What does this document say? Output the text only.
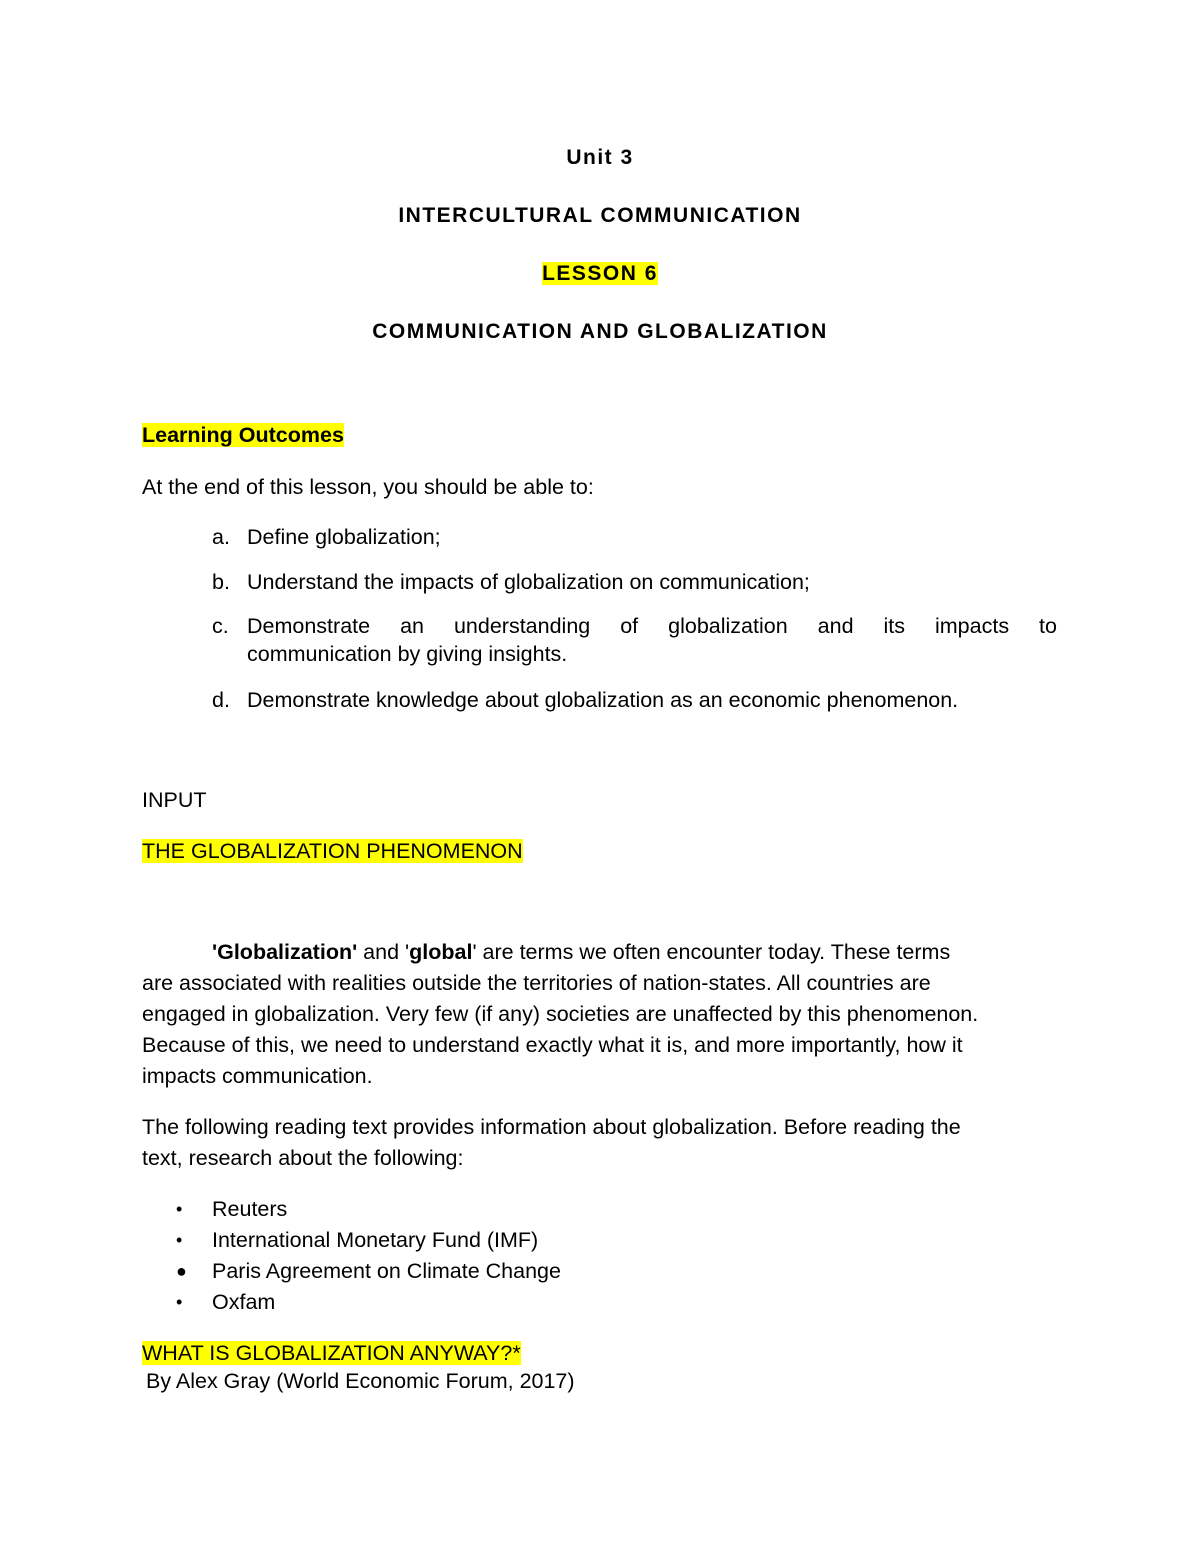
Unit 3
INTERCULTURAL COMMUNICATION
LESSON 6
COMMUNICATION AND GLOBALIZATION
Learning Outcomes
At the end of this lesson, you should be able to:
a. Define globalization;
b. Understand the impacts of globalization on communication;
c. Demonstrate an understanding of globalization and its impacts to
communication by giving insights.
d. Demonstrate knowledge about globalization as an economic phenomenon.
INPUT
THE GLOBALIZATION PHENOMENON
'Globalization' and 'global' are terms we often encounter today. These terms
are associated with realities outside the territories of nation-states. All countries are
engaged in globalization. Very few (if any) societies are unaffected by this phenomenon.
Because of this, we need to understand exactly what it is, and more importantly, how it
impacts communication.
The following reading text provides information about globalization. Before reading the
text, research about the following:
• Reuters
• International Monetary Fund (IMF)
● Paris Agreement on Climate Change
• Oxfam
WHAT IS GLOBALIZATION ANYWAY?*
By Alex Gray (World Economic Forum, 2017)
